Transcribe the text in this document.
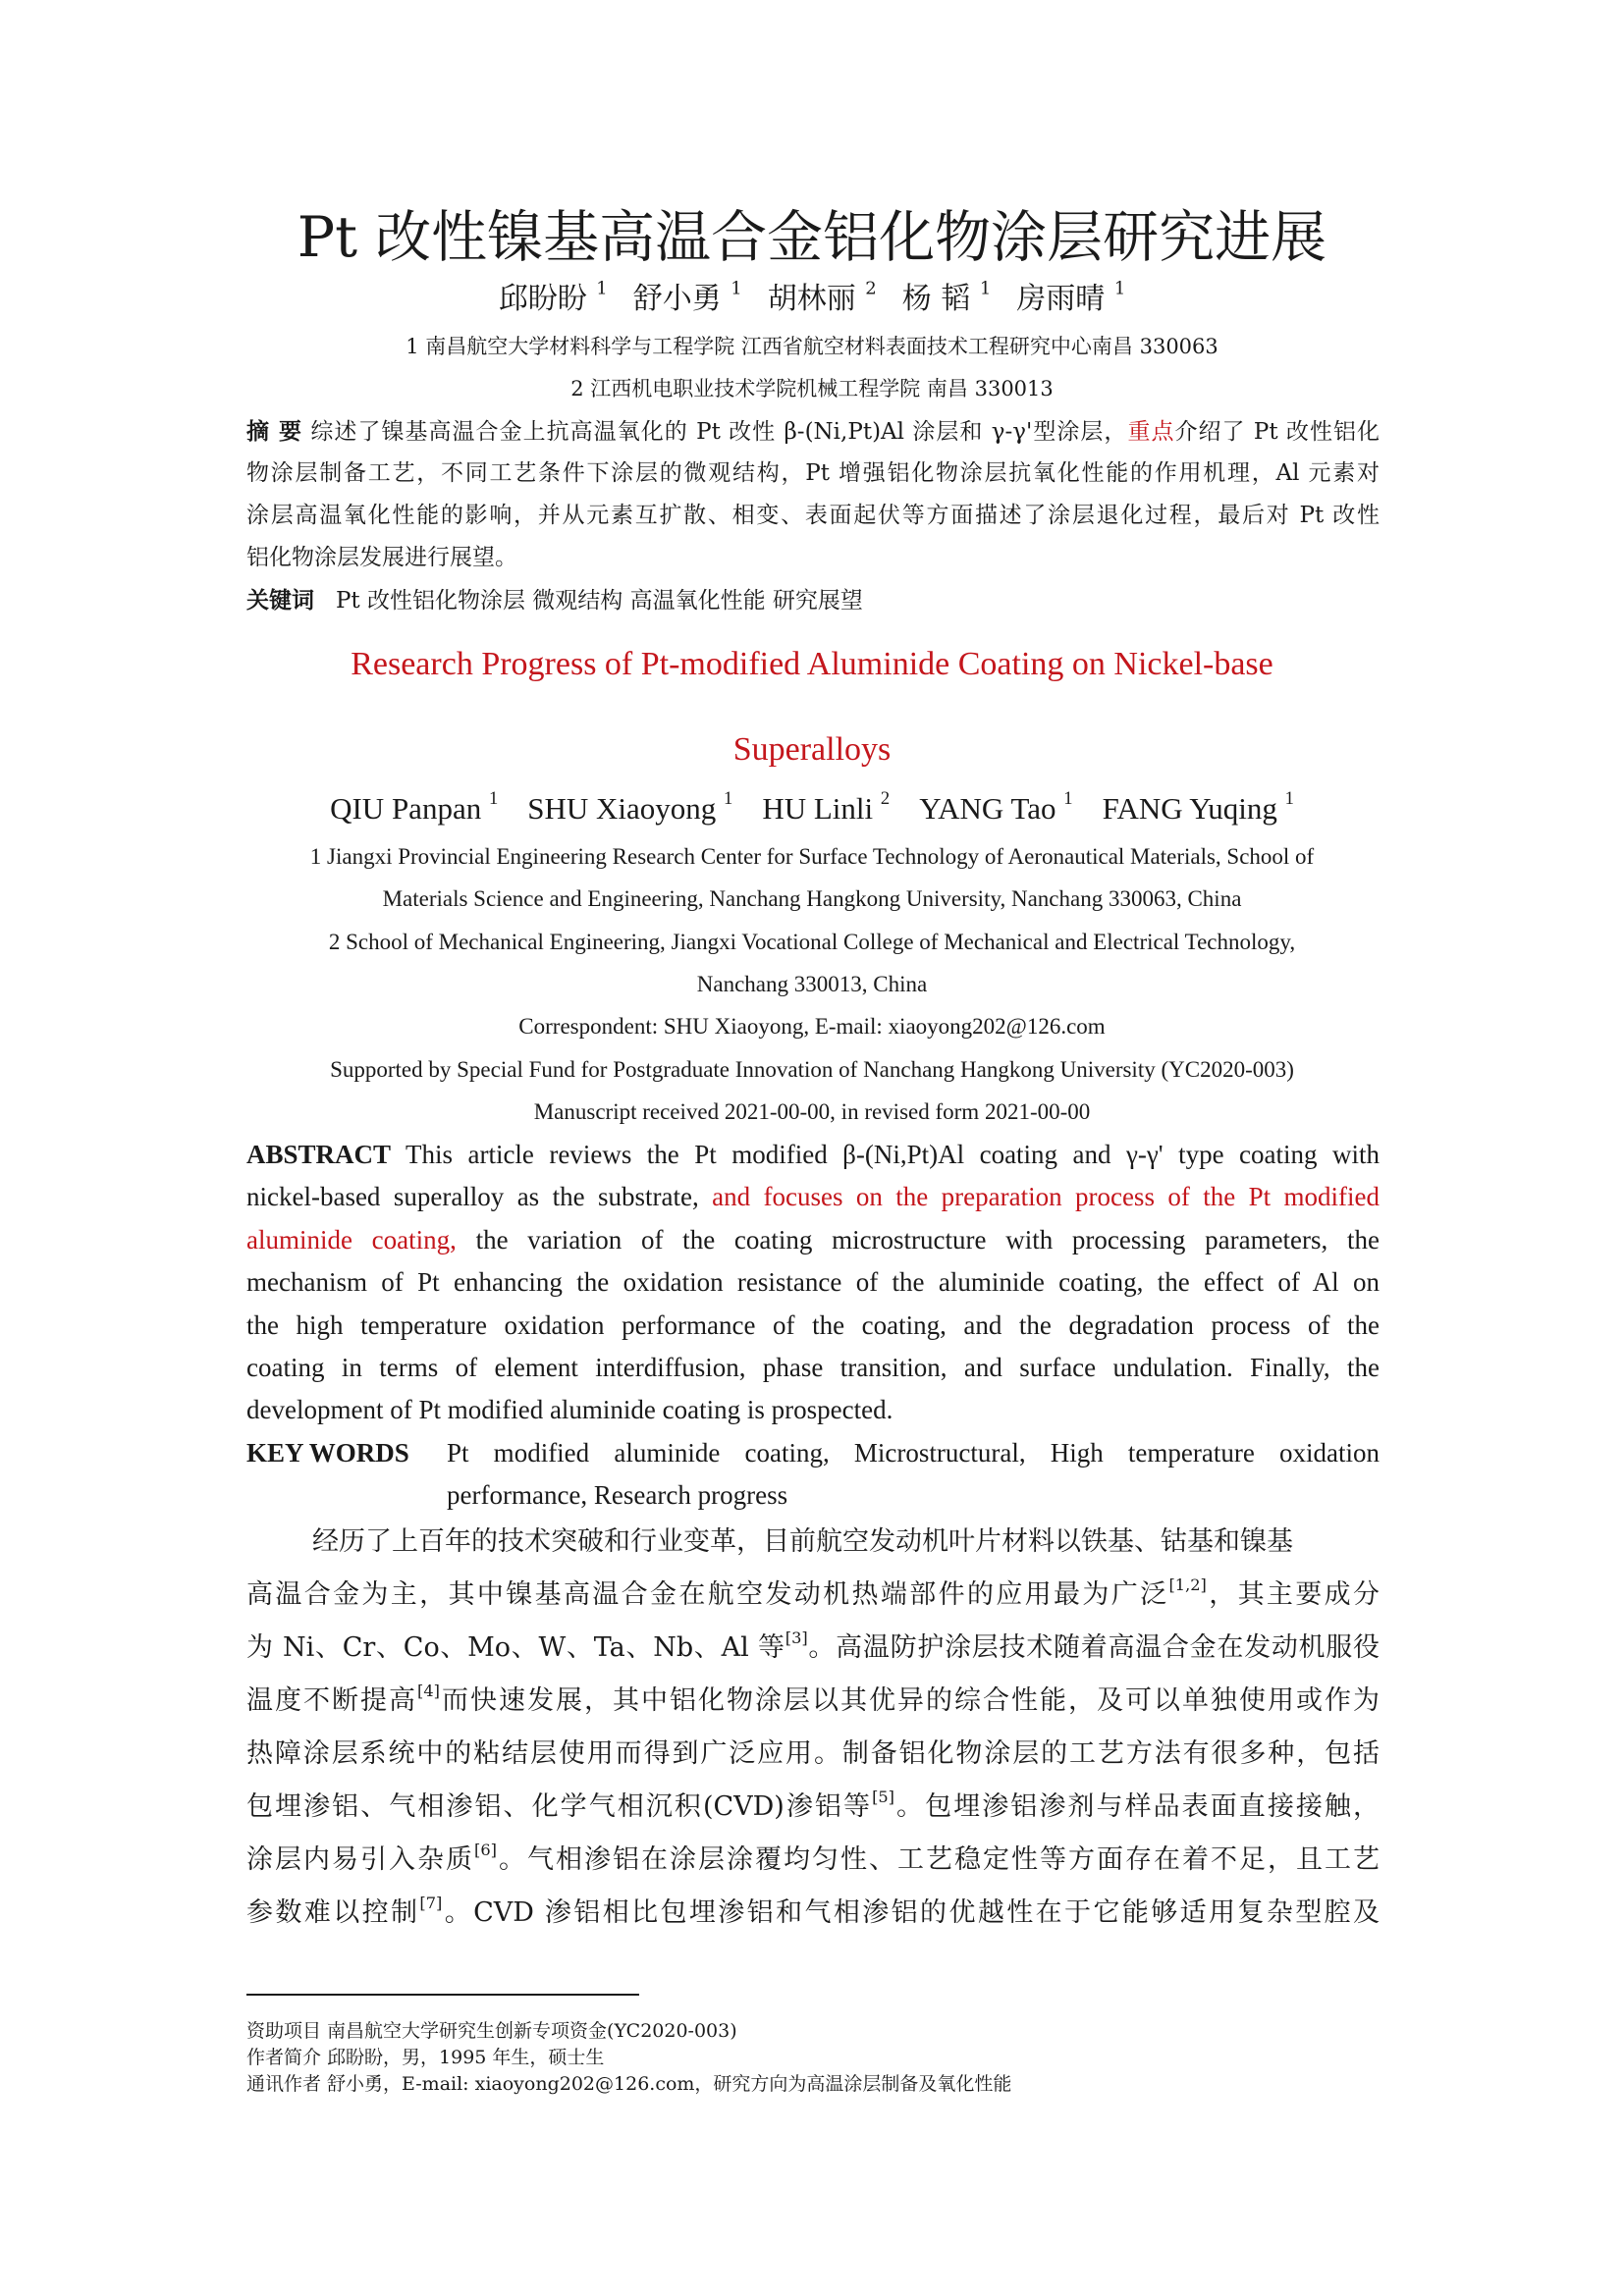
Pt 改性镍基高温合金铝化物涂层研究进展
邱盼盼 $^1$ 舒小勇 $^1$ 胡林丽 $^2$ 杨 韬 $^1$ 房雨晴 $^1$
1 南昌航空大学材料科学与工程学院 江西省航空材料表面技术工程研究中心南昌 330063
2 江西机电职业技术学院机械工程学院 南昌 330013
摘 要 综述了镍基高温合金上抗高温氧化的 Pt 改性 β-(Ni,Pt)Al 涂层和 γ-γ'型涂层，重点介绍了 Pt 改性铝化
物涂层制备工艺，不同工艺条件下涂层的微观结构，Pt 增强铝化物涂层抗氧化性能的作用机理，Al 元素对
涂层高温氧化性能的影响，并从元素互扩散、相变、表面起伏等方面描述了涂层退化过程，最后对 Pt 改性
铝化物涂层发展进行展望。
关键词 Pt 改性铝化物涂层 微观结构 高温氧化性能 研究展望
Research Progress of Pt-modified Aluminide Coating on Nickel-base
Superalloys
QIU Panpan $^1$ SHU Xiaoyong $^1$ HU Linli $^2$ YANG Tao $^1$ FANG Yuqing $^1$
1 Jiangxi Provincial Engineering Research Center for Surface Technology of Aeronautical Materials, School of
Materials Science and Engineering, Nanchang Hangkong University, Nanchang 330063, China
2 School of Mechanical Engineering, Jiangxi Vocational College of Mechanical and Electrical Technology,
Nanchang 330013, China
Correspondent: SHU Xiaoyong, E-mail: xiaoyong202@126.com
Supported by Special Fund for Postgraduate Innovation of Nanchang Hangkong University (YC2020-003)
Manuscript received 2021-00-00, in revised form 2021-00-00
ABSTRACT This article reviews the Pt modified β-(Ni,Pt)Al coating and γ-γ' type coating with
nickel-based superalloy as the substrate, and focuses on the preparation process of the Pt modified
aluminide coating, the variation of the coating microstructure with processing parameters, the
mechanism of Pt enhancing the oxidation resistance of the aluminide coating, the effect of Al on
the high temperature oxidation performance of the coating, and the degradation process of the
coating in terms of element interdiffusion, phase transition, and surface undulation. Finally, the
development of Pt modified aluminide coating is prospected.
KEY WORDS Pt modified aluminide coating, Microstructural, High temperature oxidation
performance, Research progress
经历了上百年的技术突破和行业变革，目前航空发动机叶片材料以铁基、钴基和镍基
高温合金为主，其中镍基高温合金在航空发动机热端部件的应用最为广泛[1,2]，其主要成分
为 Ni、Cr、Co、Mo、W、Ta、Nb、Al 等[3]。高温防护涂层技术随着高温合金在发动机服役
温度不断提高[4]而快速发展，其中铝化物涂层以其优异的综合性能，及可以单独使用或作为
热障涂层系统中的粘结层使用而得到广泛应用。制备铝化物涂层的工艺方法有很多种，包括
包埋渗铝、气相渗铝、化学气相沉积(CVD)渗铝等[5]。包埋渗铝渗剂与样品表面直接接触，
涂层内易引入杂质[6]。气相渗铝在涂层涂覆均匀性、工艺稳定性等方面存在着不足，且工艺
参数难以控制[7]。CVD 渗铝相比包埋渗铝和气相渗铝的优越性在于它能够适用复杂型腔及
资助项目 南昌航空大学研究生创新专项资金(YC2020-003)
作者简介 邱盼盼，男，1995 年生，硕士生
通讯作者 舒小勇，E-mail: xiaoyong202@126.com，研究方向为高温涂层制备及氧化性能
